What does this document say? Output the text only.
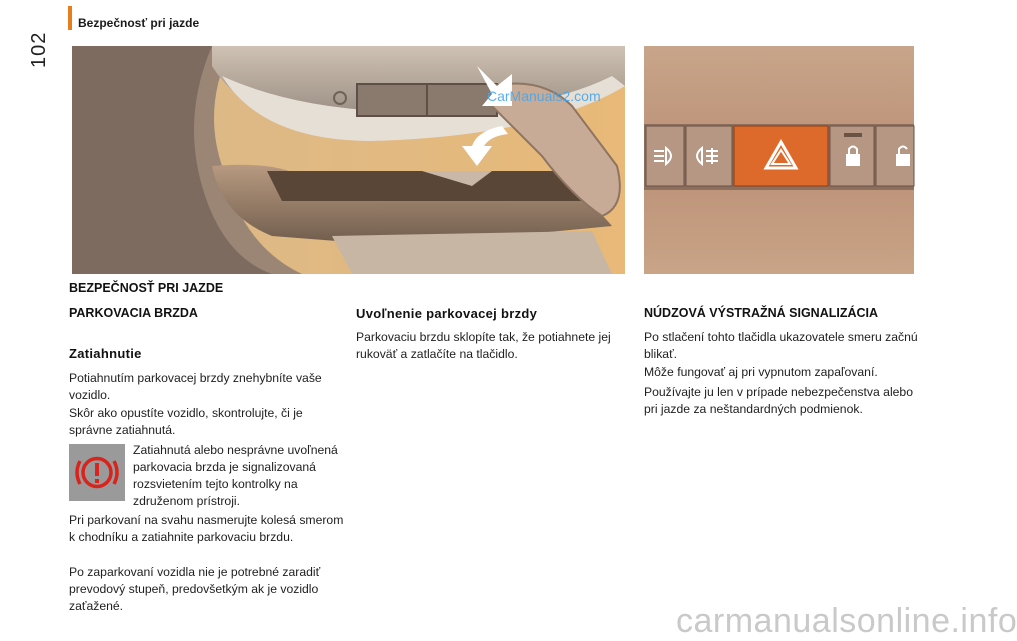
102
Bezpečnosť pri jazde
CarManuals2.com
BEZPEČNOSŤ PRI JAZDE
PARKOVACIA BRZDA
Zatiahnutie
Potiahnutím parkovacej brzdy znehybníte vaše vozidlo.
Skôr ako opustíte vozidlo, skontrolujte, či je správne zatiahnutá.
Zatiahnutá alebo nesprávne uvoľnená parkovacia brzda je signalizovaná rozsvietením tejto kontrolky na združenom prístroji.
Pri parkovaní na svahu nasmerujte kolesá smerom k chodníku a zatiahnite parkovaciu brzdu.
Po zaparkovaní vozidla nie je potrebné zaradiť prevodový stupeň, predovšetkým ak je vozidlo zaťažené.
Uvoľnenie parkovacej brzdy
Parkovaciu brzdu sklopíte tak, že potiahnete jej rukoväť a zatlačíte na tlačidlo.
NÚDZOVÁ VÝSTRAŽNÁ SIGNALIZÁCIA
Po stlačení tohto tlačidla ukazovatele smeru začnú blikať.
Môže fungovať aj pri vypnutom zapaľovaní.
Používajte ju len v prípade nebezpečenstva alebo pri jazde za neštandardných podmienok.
carmanualsonline.info
